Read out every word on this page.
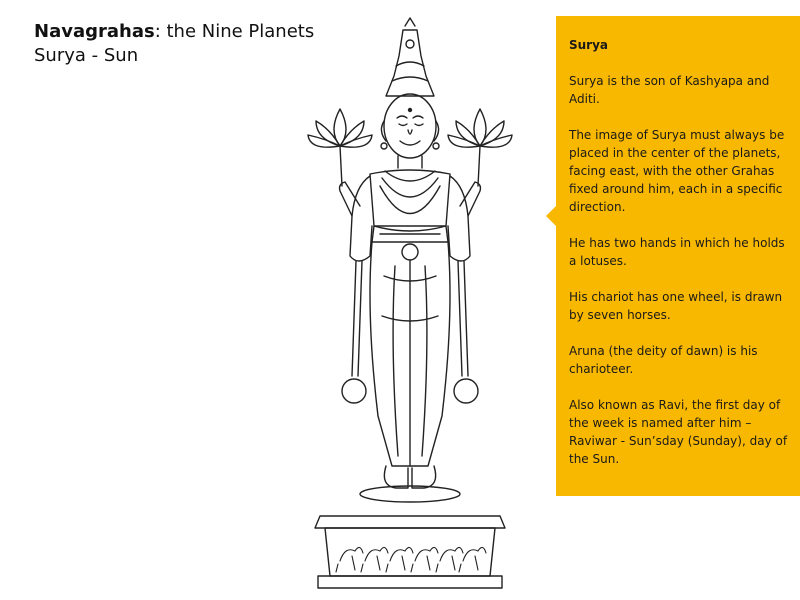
Navagrahas: the Nine Planets
Surya - Sun	Surya

Surya is the son of Kashyapa and Aditi.

The image of Surya must always be placed in the center of the planets, facing east, with the other Grahas fixed around him, each in a specific direction.

He has two hands in which he holds a lotuses.

His chariot has one wheel, is drawn by seven horses.

Aruna (the deity of dawn) is his charioteer.

Also known as Ravi, the first day of the week is named after him – Raviwar - Sun’sday (Sunday), day of the Sun.
